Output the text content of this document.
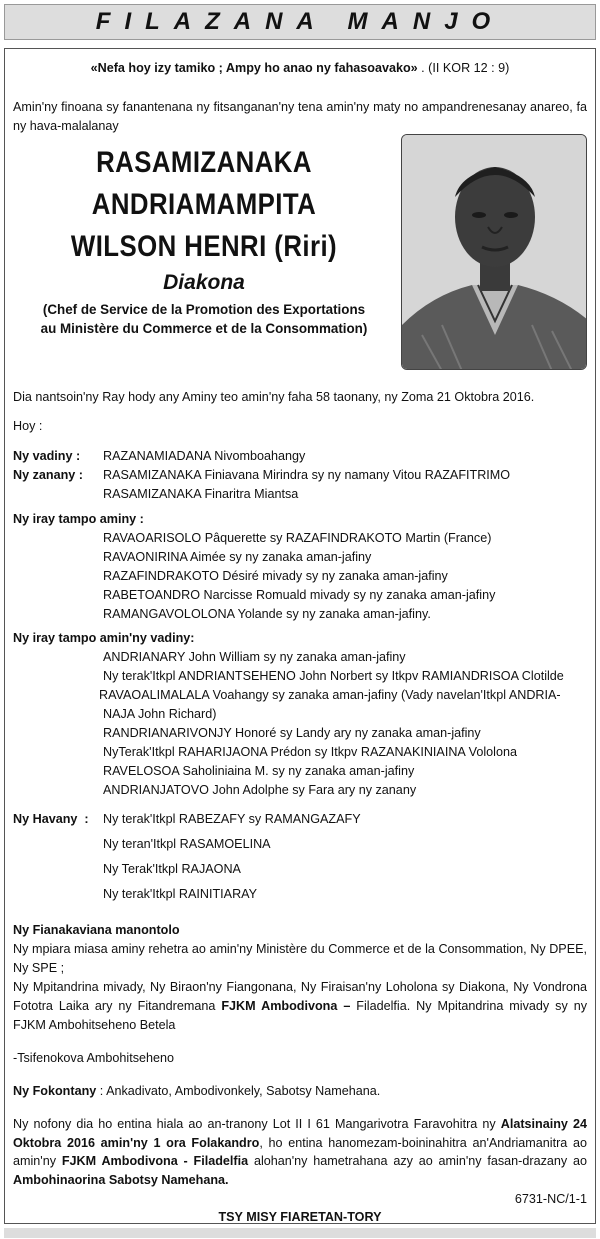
FILAZANA MANJO
«Nefa hoy izy tamiko ; Ampy ho anao ny fahasoavako» . (II KOR 12 : 9)
Amin'ny finoana sy fanantenana ny fitsanganan'ny tena amin'ny maty no ampandrenesanay anareo, fa ny hava-malalanay
RASAMIZANAKA
ANDRIAMAMPITA
WILSON HENRI (Riri)
Diakona
(Chef de Service de la Promotion des Exportations
au Ministère du Commerce et de la Consommation)
Dia nantsoin'ny Ray hody any Aminy teo amin'ny faha 58 taonany, ny Zoma 21 Oktobra 2016.
Hoy :
Ny vadiny :	RAZANAMIADANA Nivomboahangy
Ny zanany :	RASAMIZANAKA Finiavana Mirindra sy ny namany Vitou RAZAFITRIMO
RASAMIZANAKA Finaritra Miantsa
Ny iray tampo aminy :
RAVAOARISOLO Pâquerette sy RAZAFINDRAKOTO Martin (France)
RAVAONIRINA Aimée sy ny zanaka aman-jafiny
RAZAFINDRAKOTO Désiré mivady sy ny zanaka aman-jafiny
RABETOANDRO Narcisse Romuald mivady sy ny zanaka aman-jafiny
RAMANGAVOLOLONA Yolande sy ny zanaka aman-jafiny.
Ny iray tampo amin'ny vadiny:
ANDRIANARY John William sy ny zanaka aman-jafiny
Ny terak'Itkpl ANDRIANTSEHENO John Norbert sy Itkpv RAMIANDRISOA Clotilde
RAVAOALIMALALA Voahangy sy zanaka aman-jafiny (Vady navelan'Itkpl ANDRIA-
NAJA John Richard)
RANDRIANARIVONJY Honoré sy Landy ary ny zanaka aman-jafiny
NyTerak'Itkpl RAHARIJAONA Prédon sy Itkpv RAZANAKINIAINA Vololona
RAVELOSOA Saholiniaina M. sy ny zanaka aman-jafiny
ANDRIANJATOVO John Adolphe sy Fara ary ny zanany
Ny Havany :	Ny terak'Itkpl RABEZAFY sy RAMANGAZAFY
Ny teran'Itkpl RASAMOELINA
Ny Terak'Itkpl RAJAONA
Ny terak'Itkpl RAINITIARAY
Ny Fianakaviana manontolo
Ny mpiara miasa aminy rehetra ao amin'ny Ministère du Commerce et de la Consommation, Ny DPEE, Ny SPE ;
Ny Mpitandrina mivady, Ny Biraon'ny Fiangonana, Ny Firaisan'ny Loholona sy Diakona, Ny Vondrona Fototra Laika ary ny Fitandremana FJKM Ambodivona – Filadelfia. Ny Mpitandrina mivady sy ny FJKM Ambohitseheno Betela
-Tsifenokova Ambohitseheno
Ny Fokontany : Ankadivato, Ambodivonkely, Sabotsy Namehana.
Ny nofony dia ho entina hiala ao an-tranony Lot II I 61 Mangarivotra Faravohitra ny Alatsinainy 24 Oktobra 2016 amin'ny 1 ora Folakandro, ho entina hanomezam-boininahitra an'Andriamanitra ao amin'ny FJKM Ambodivona - Filadelfia alohan'ny hametrahana azy ao amin'ny fasan-drazany ao Ambohinaorina Sabotsy Namehana.
TSY MISY FIARETAN-TORY
6731-NC/1-1
